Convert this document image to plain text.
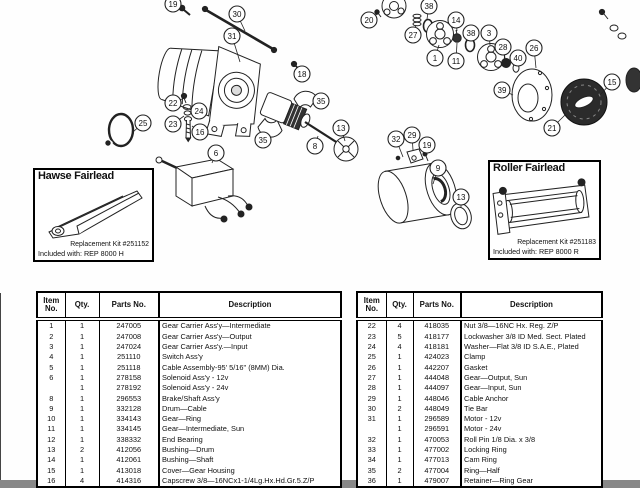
19
30
31
25
22
24
23
16
18
35
35
8
13
6
20
38
27
14
38 3
1 11
28
40
26
39
15
21
32 29
19
9
13
Hawse Fairlead
Replacement Kit #251152
Included with: REP 8000 H
Roller Fairlead
Replacement Kit #251183
Included with: REP 8000 R
Item No.	Qty.	Parts No.	Description
1	1	247005	Gear Carrier Ass'y—Intermediate
2	1	247008	Gear Carrier Ass'y—Output
3	1	247024	Gear Carrier Ass'y.—Input
4	1	251110	Switch Ass'y
5	1	251118	Cable Assembly-95' 5/16" (8MM) Dia.
6	1	278158	Solenoid Ass'y - 12v
	1	278192	Solenoid Ass'y - 24v
8	1	296553	Brake/Shaft Ass'y
9	1	332128	Drum—Cable
10	1	334143	Gear—Ring
11	1	334145	Gear—Intermediate, Sun
12	1	338332	End Bearing
13	2	412056	Bushing—Drum
14	1	412061	Bushing—Shaft
15	1	413018	Cover—Gear Housing
16	4	414316	Capscrew 3/8—16NCx1-1/4Lg.Hx.Hd.Gr.5.Z/P
Item No.	Qty.	Parts No.	Description
22	4	418035	Nut 3/8—16NC Hx. Reg. Z/P
23	5	418177	Lockwasher 3/8 ID Med. Sect. Plated
24	4	418181	Washer—Flat 3/8 ID S.A.E., Plated
25	1	424023	Clamp
26	1	442207	Gasket
27	1	444048	Gear—Output, Sun
28	1	444097	Gear—Input, Sun
29	1	448046	Cable Anchor
30	2	448049	Tie Bar
31	1	296589	Motor - 12v
	1	296591	Motor - 24v
32	1	470053	Roll Pin 1/8 Dia. x 3/8
33	1	477002	Locking Ring
34	1	477013	Cam Ring
35	2	477004	Ring—Half
36	1	479007	Retainer—Ring Gear
